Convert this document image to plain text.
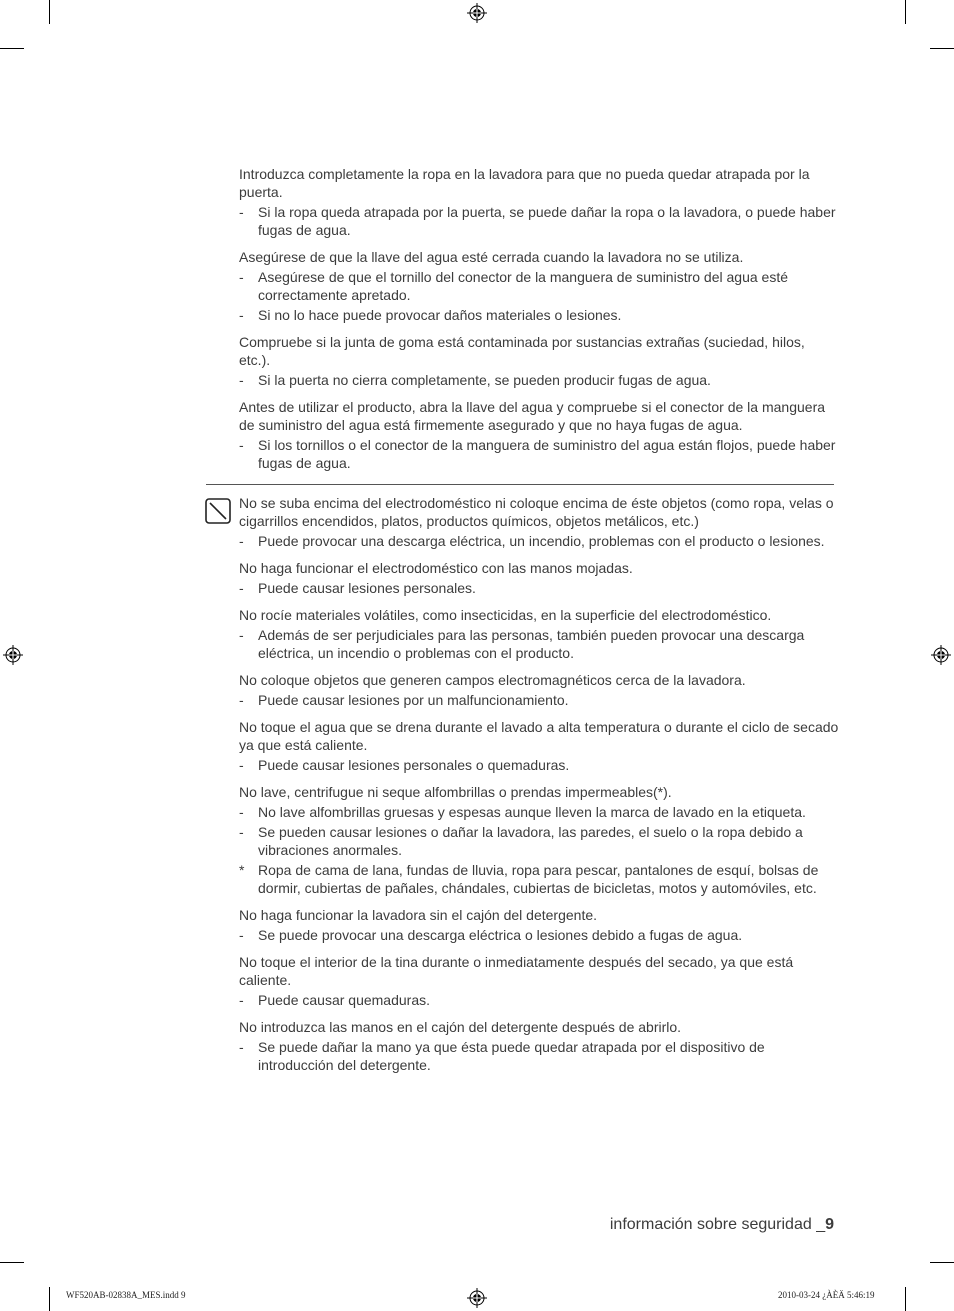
Introduzca completamente la ropa en la lavadora para que no pueda quedar atrapada por la puerta.

- Si la ropa queda atrapada por la puerta, se puede dañar la ropa o la lavadora, o puede haber fugas de agua.

Asegúrese de que la llave del agua esté cerrada cuando la lavadora no se utiliza.

- Asegúrese de que el tornillo del conector de la manguera de suministro del agua esté correctamente apretado.

- Si no lo hace puede provocar daños materiales o lesiones.

Compruebe si la junta de goma está contaminada por sustancias extrañas (suciedad, hilos, etc.).

- Si la puerta no cierra completamente, se pueden producir fugas de agua.

Antes de utilizar el producto, abra la llave del agua y compruebe si el conector de la manguera de suministro del agua está firmemente asegurado y que no haya fugas de agua.

- Si los tornillos o el conector de la manguera de suministro del agua están flojos, puede haber fugas de agua.

No se suba encima del electrodoméstico ni coloque encima de éste objetos (como ropa, velas o cigarrillos encendidos, platos, productos químicos, objetos metálicos, etc.)

- Puede provocar una descarga eléctrica, un incendio, problemas con el producto o lesiones.

No haga funcionar el electrodoméstico con las manos mojadas.

- Puede causar lesiones personales.

No rocíe materiales volátiles, como insecticidas, en la superficie del electrodoméstico.

- Además de ser perjudiciales para las personas, también pueden provocar una descarga eléctrica, un incendio o problemas con el producto.

No coloque objetos que generen campos electromagnéticos cerca de la lavadora.

- Puede causar lesiones por un malfuncionamiento.

No toque el agua que se drena durante el lavado a alta temperatura o durante el ciclo de secado ya que está caliente.

- Puede causar lesiones personales o quemaduras.

No lave, centrifugue ni seque alfombrillas o prendas impermeables(*).

- No lave alfombrillas gruesas y espesas aunque lleven la marca de lavado en la etiqueta.

- Se pueden causar lesiones o dañar la lavadora, las paredes, el suelo o la ropa debido a vibraciones anormales.

* Ropa de cama de lana, fundas de lluvia, ropa para pescar, pantalones de esquí, bolsas de dormir, cubiertas de pañales, chándales, cubiertas de bicicletas, motos y automóviles, etc.

No haga funcionar la lavadora sin el cajón del detergente.

- Se puede provocar una descarga eléctrica o lesiones debido a fugas de agua.

No toque el interior de la tina durante o inmediatamente después del secado, ya que está caliente.

- Puede causar quemaduras.

No introduzca las manos en el cajón del detergente después de abrirlo.

- Se puede dañar la mano ya que ésta puede quedar atrapada por el dispositivo de introducción del detergente.

información sobre seguridad _9
WF520AB-02838A_MES.indd 9	2010-03-24 ¿ÀÈÄ 5:46:19
